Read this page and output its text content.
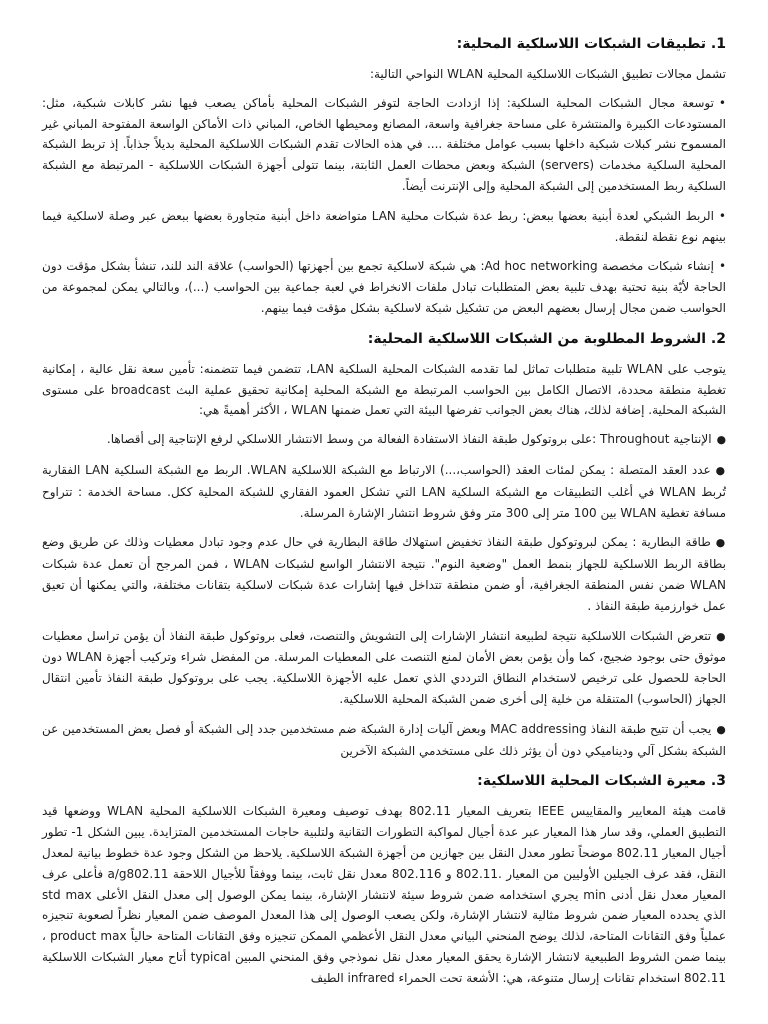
1. تطبيقات الشبكات اللاسلكية المحلية:

تشمل مجالات تطبيق الشبكات اللاسلكية المحلية WLAN النواحي التالية:

•توسعة مجال الشبكات المحلية السلكية: إذا ازدادت الحاجة لتوفر الشبكات المحلية بأماكن يصعب فيها نشر كابلات شبكية، مثل: المستودعات الكبيرة والمنتشرة على مساحة جغرافية واسعة، المصانع ومحيطها الخاص، المباني ذات الأماكن الواسعة المفتوحة المباني غير المسموح نشر كبلات شبكية داخلها بسبب عوامل مختلفة .... في هذه الحالات تقدم الشبكات اللاسلكية المحلية بديلاً جذاباً. إذ تربط الشبكة المحلية السلكية مخدمات (servers) الشبكة وبعض محطات العمل الثابتة، بينما تتولى أجهزة الشبكات اللاسلكية - المرتبطة مع الشبكة السلكية ربط المستخدمين إلى الشبكة المحلية وإلى الإنترنت أيضاً.

•الربط الشبكي لعدة أبنية بعضها ببعض: ربط عدة شبكات محلية LAN متواضعة داخل أبنية متجاورة بعضها ببعض عبر وصلة لاسلكية فيما بينهم نوع نقطة لنقطة.

•إنشاء شبكات مخصصة Ad hoc networking: هي شبكة لاسلكية تجمع بين أجهزتها (الحواسب) علاقة الند للند، تنشأ بشكل مؤقت دون الحاجة لأيّة بنية تحتية بهدف تلبية بعض المتطلبات تبادل ملفات الانخراط في لعبة جماعية بين الحواسب (...)، وبالتالي يمكن لمجموعة من الحواسب ضمن مجال إرسال بعضهم البعض من تشكيل شبكة لاسلكية بشكل مؤقت فيما بينهم.

2. الشروط المطلوبة من الشبكات اللاسلكية المحلية:

يتوجب على WLAN تلبية متطلبات تماثل لما تقدمه الشبكات المحلية السلكية LAN، تتضمن فيما تتضمنه: تأمين سعة نقل عالية ، إمكانية تغطية منطقة محددة، الاتصال الكامل بين الحواسب المرتبطة مع الشبكة المحلية إمكانية تحقيق عملية البث broadcast على مستوى الشبكة المحلية. إضافة لذلك، هناك بعض الجوانب تفرضها البيئة التي تعمل ضمنها WLAN ، الأكثر أهميةً هي:

●الإنتاجية Throughout :على بروتوكول طبقة النفاذ الاستفادة الفعالة من وسط الانتشار اللاسلكي لرفع الإنتاجية إلى أقصاها.

●عدد العقد المتصلة : يمكن لمئات العقد (الحواسب،...) الارتباط مع الشبكة اللاسلكية WLAN. الربط مع الشبكة السلكية LAN الفقارية تُربط WLAN في أغلب التطبيقات مع الشبكة السلكية LAN التي تشكل العمود الفقاري للشبكة المحلية ككل. مساحة الخدمة : تتراوح مسافة تغطية WLAN بين 100 متر إلى 300 متر وفق شروط انتشار الإشارة المرسلة.

●طاقة البطارية : يمكن لبروتوكول طبقة النفاذ تخفيض استهلاك طاقة البطارية في حال عدم وجود تبادل معطيات وذلك عن طريق وضع بطاقة الربط اللاسلكية للجهاز بنمط العمل "وضعية النوم". نتيجة الانتشار الواسع لشبكات WLAN ، فمن المرجح أن تعمل عدة شبكات WLAN ضمن نفس المنطقة الجغرافية، أو ضمن منطقة تتداخل فيها إشارات عدة شبكات لاسلكية بتقانات مختلفة، والتي يمكنها أن تعيق عمل خوارزمية طبقة النفاذ .

●تتعرض الشبكات اللاسلكية نتيجة لطبيعة انتشار الإشارات إلى التشويش والتنصت، فعلى بروتوكول طبقة النفاذ أن يؤمن تراسل معطيات موثوق حتى بوجود ضجيج، كما وأن يؤمن بعض الأمان لمنع التنصت على المعطيات المرسلة. من المفضل شراء وتركيب أجهزة WLAN دون الحاجة للحصول على ترخيص لاستخدام النطاق الترددي الذي تعمل عليه الأجهزة اللاسلكية. يجب على بروتوكول طبقة النفاذ تأمين انتقال الجهاز (الحاسوب) المتنقلة من خلية إلى أخرى ضمن الشبكة المحلية اللاسلكية.

●يجب أن تتيح طبقة النفاذ MAC addressing وبعض آليات إدارة الشبكة ضم مستخدمين جدد إلى الشبكة أو فصل بعض المستخدمين عن الشبكة بشكل آلي وديناميكي دون أن يؤثر ذلك على مستخدمي الشبكة الآخرين

3. معيرة الشبكات المحلية اللاسلكية:

قامت هيئة المعايير والمقاييس IEEE بتعريف المعيار 802.11 بهدف توصيف ومعيرة الشبكات اللاسلكية المحلية WLAN ووضعها قيد التطبيق العملي، وقد سار هذا المعيار عبر عدة أجيال لمواكبة التطورات التقانية ولتلبية حاجات المستخدمين المتزايدة. يبين الشكل 1- تطور أجيال المعيار 802.11 موضحاً تطور معدل النقل بين جهازين من أجهزة الشبكة اللاسلكية. يلاحظ من الشكل وجود عدة خطوط بيانية لمعدل النقل، فقد عرف الجيلين الأوليين من المعيار .802.11 و 802.116 معدل نقل ثابت، بينما ووفقاً للأجيال اللاحقة a/g802.11 فأعلى عرف المعيار معدل نقل أدنى min يجري استخدامه ضمن شروط سيئة لانتشار الإشارة، بينما يمكن الوصول إلى معدل النقل الأعلى std max الذي يحدده المعيار ضمن شروط مثالية لانتشار الإشارة، ولكن يصعب الوصول إلى هذا المعدل الموصف ضمن المعيار نظراً لصعوبة تنجيزه عملياً وفق التقانات المتاحة، لذلك يوضح المنحني البياني معدل النقل الأعظمي الممكن تنجيزه وفق التقانات المتاحة حالياً product max ، بينما ضمن الشروط الطبيعية لانتشار الإشارة يحقق المعيار معدل نقل نموذجي وفق المنحني المبين typical أتاح معيار الشبكات اللاسلكية 802.11 استخدام تقانات إرسال متنوعة، هي: الأشعة تحت الحمراء infrared الطيف
